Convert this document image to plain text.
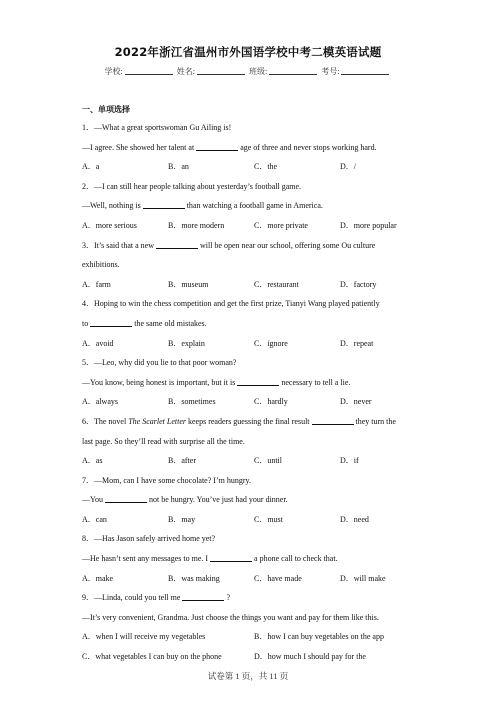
2022年浙江省温州市外国语学校中考二模英语试题
学校:	姓名:	班级:	考号:
一、单项选择
1．—What a great sportswoman Gu Ailing is!
—I agree. She showed her talent at	age of three and never stops working hard.
A．a	B．an	C．the	D．/
2．—I can still hear people talking about yesterday’s football game.
—Well, nothing is	than watching a football game in America.
A．more serious	B．more modern	C．more private	D．more popular
3．It’s said that a new	will be open near our school, offering some Ou culture
exhibitions.
A．farm	B．museum	C．restaurant	D．factory
4．Hoping to win the chess competition and get the first prize, Tianyi Wang played patiently
to	the same old mistakes.
A．avoid	B．explain	C．ignore	D．repeat
5．—Leo, why did you lie to that poor woman?
—You know, being honest is important, but it is	necessary to tell a lie.
A．always	B．sometimes	C．hardly	D．never
6．The novel The Scarlet Letter keeps readers guessing the final result	they turn the
last page. So they’ll read with surprise all the time.
A．as	B．after	C．until	D．if
7．—Mom, can I have some chocolate? I’m hungry.
—You	not be hungry. You’ve just had your dinner.
A．can	B．may	C．must	D．need
8．—Has Jason safely arrived home yet?
—He hasn’t sent any messages to me. I	a phone call to check that.
A．make	B．was making	C．have made	D．will make
9．—Linda, could you tell me	?
—It’s very convenient, Grandma. Just choose the things you want and pay for them like this.
A．when I will receive my vegetables	B．how I can buy vegetables on the app
C．what vegetables I can buy on the phone	D．how much I should pay for the
试卷第 1 页，共 11 页
